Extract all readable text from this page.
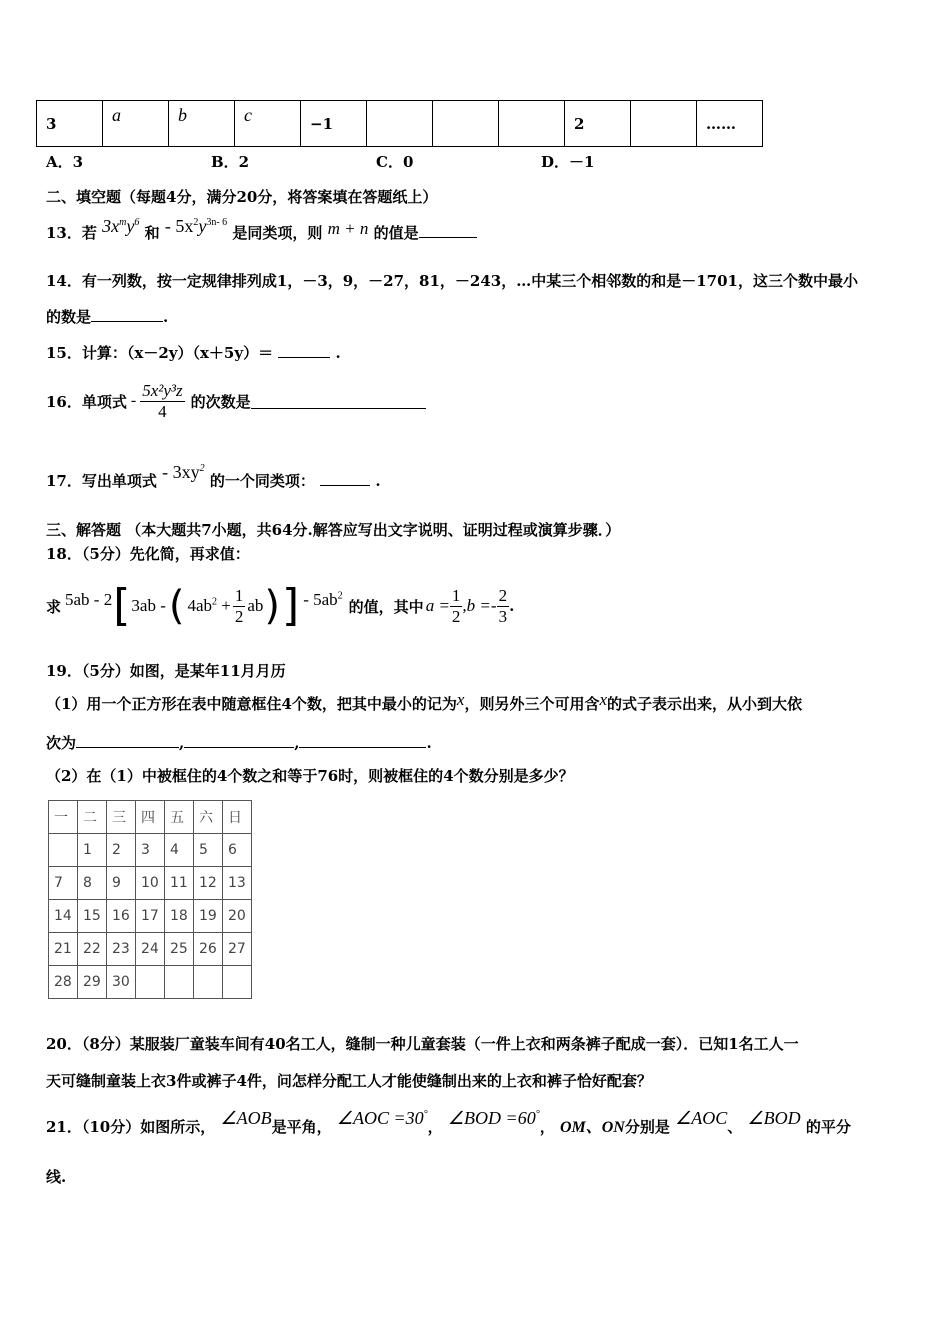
3	a	b	c	−1				2		……
A．3	B．2	C．0	D．－1
二、填空题（每题4分，满分20分，将答案填在答题纸上）
13．若 $3x^my^6$ 和 - $5x^2y^{3n- 6}$ 是同类项，则 m + n 的值是
14．有一列数，按一定规律排列成1，－3，9，－27，81，－243，…中某三个相邻数的和是－1701，这三个数中最小
的数是	.
15．计算：（x－2y）（x＋5y）＝	.
16．单项式 - $\frac{\text{5x²y³z}}{4}$ 的次数是
17．写出单项式 - $3xy^2$ 的一个同类项：	.
三、解答题 （本大题共7小题，共64分.解答应写出文字说明、证明过程或演算步骤．）
18．（5分）先化简，再求值：
求 5ab - 2 [ 3ab - ( $4ab^2 + \frac{1}{2}$ ab ) ] - $5ab^2$
的值，其中 $a = \frac{1}{2} ,b =- \frac{2}{3}$ .
19．（5分）如图，是某年11月月历
（1）用一个正方形在表中随意框住4个数，把其中最小的记为x，则另外三个可用含x的式子表示出来，从小到大依
次为	,	,	.
（2）在（1）中被框住的4个数之和等于76时，则被框住的4个数分别是多少？
一	二	三	四	五	六	日
	1	2	3	4	5	6
7	8	9	10	11	12	13
14	15	16	17	18	19	20
21	22	23	24	25	26	27
28	29	30				
20．（8分）某服装厂童装车间有40名工人，缝制一种儿童套装（一件上衣和两条裤子配成一套）．已知1名工人一
天可缝制童装上衣3件或裤子4件，问怎样分配工人才能使缝制出来的上衣和裤子恰好配套？
21．（10分）如图所示， ∠AOB是平角， ∠AOC =30°， ∠BOD =60°， OM、ON分别是 ∠AOC、 ∠BOD 的平分
线.
